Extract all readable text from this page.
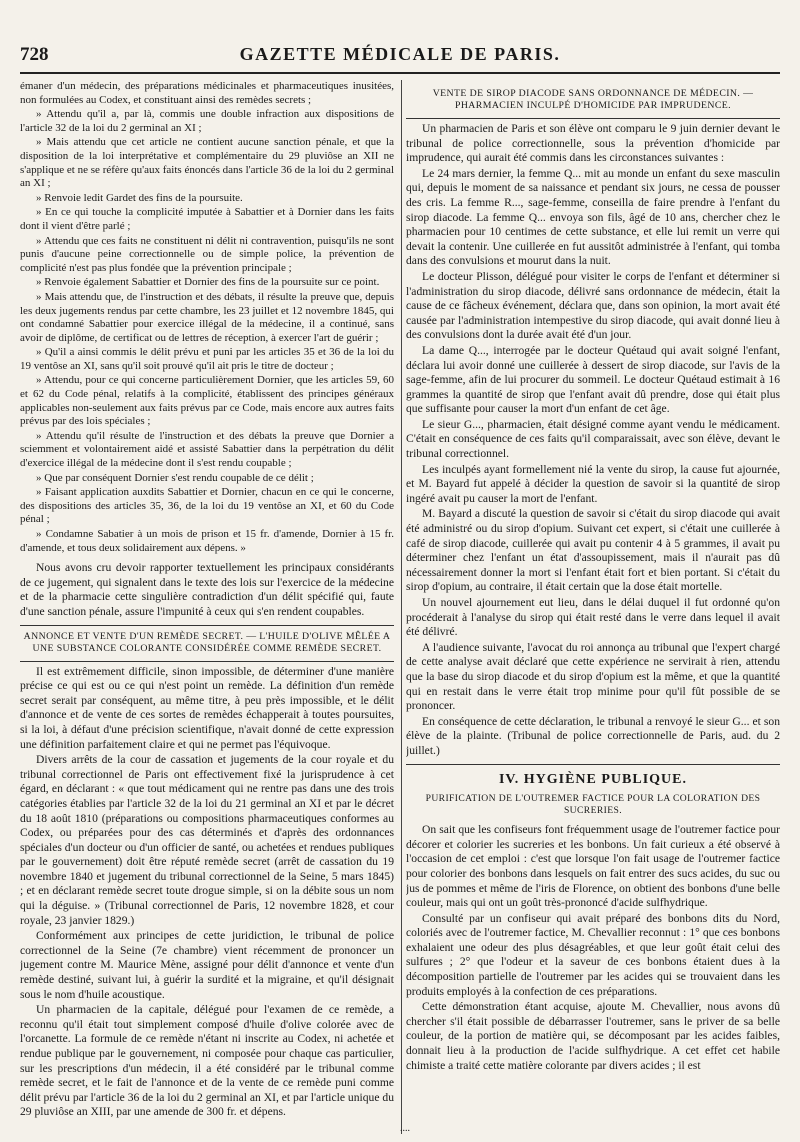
728	GAZETTE MÉDICALE DE PARIS.

émaner d'un médecin, des préparations médicinales et pharmaceutiques inusitées, non formulées au Codex, et constituant ainsi des remèdes secrets ;

» Attendu qu'il a, par là, commis une double infraction aux dispositions de l'article 32 de la loi du 2 germinal an XI ;

» Mais attendu que cet article ne contient aucune sanction pénale, et que la disposition de la loi interprétative et complémentaire du 29 pluviôse an XII ne s'applique et ne se réfère qu'aux faits énoncés dans l'article 36 de la loi du 2 germinal an XI ;

» Renvoie ledit Gardet des fins de la poursuite.

» En ce qui touche la complicité imputée à Sabattier et à Dornier dans les faits dont il vient d'être parlé ;

» Attendu que ces faits ne constituent ni délit ni contravention, puisqu'ils ne sont punis d'aucune peine correctionnelle ou de simple police, la prévention de complicité n'est pas plus fondée que la prévention principale ;

» Renvoie également Sabattier et Dornier des fins de la poursuite sur ce point.

» Mais attendu que, de l'instruction et des débats, il résulte la preuve que, depuis les deux jugements rendus par cette chambre, les 23 juillet et 12 novembre 1845, qui ont condamné Sabattier pour exercice illégal de la médecine, il a continué, sans avoir de diplôme, de certificat ou de lettres de réception, à exercer l'art de guérir ;

» Qu'il a ainsi commis le délit prévu et puni par les articles 35 et 36 de la loi du 19 ventôse an XI, sans qu'il soit prouvé qu'il ait pris le titre de docteur ;

» Attendu, pour ce qui concerne particulièrement Dornier, que les articles 59, 60 et 62 du Code pénal, relatifs à la complicité, établissent des principes généraux applicables non-seulement aux faits prévus par ce Code, mais encore aux autres faits prévus par des lois spéciales ;

» Attendu qu'il résulte de l'instruction et des débats la preuve que Dornier a sciemment et volontairement aidé et assisté Sabattier dans la perpétration du délit d'exercice illégal de la médecine dont il s'est rendu coupable ;

» Que par conséquent Dornier s'est rendu coupable de ce délit ;

» Faisant application auxdits Sabattier et Dornier, chacun en ce qui le concerne, des dispositions des articles 35, 36, de la loi du 19 ventôse an XI, et 60 du Code pénal ;

» Condamne Sabatier à un mois de prison et 15 fr. d'amende, Dornier à 15 fr. d'amende, et tous deux solidairement aux dépens. »

Nous avons cru devoir rapporter textuellement les principaux considérants de ce jugement, qui signalent dans le texte des lois sur l'exercice de la médecine et de la pharmacie cette singulière contradiction d'un délit spécifié qui, faute d'une sanction pénale, assure l'impunité à ceux qui s'en rendent coupables.

ANNONCE ET VENTE D'UN REMÈDE SECRET. — L'HUILE D'OLIVE MÊLÉE A UNE SUBSTANCE COLORANTE CONSIDÉRÉE COMME REMÈDE SECRET.

Il est extrêmement difficile, sinon impossible, de déterminer d'une manière précise ce qui est ou ce qui n'est point un remède. La définition d'un remède secret serait par conséquent, au même titre, à peu près impossible, et le délit d'annonce et de vente de ces sortes de remèdes échapperait à toutes poursuites, si la loi, à défaut d'une précision scientifique, n'avait donné de cette expression une définition parfaitement claire et qui ne permet pas l'équivoque.

Divers arrêts de la cour de cassation et jugements de la cour royale et du tribunal correctionnel de Paris ont effectivement fixé la jurisprudence à cet égard, en déclarant : « que tout médicament qui ne rentre pas dans une des trois catégories établies par l'article 32 de la loi du 21 germinal an XI et par le décret du 18 août 1810 (préparations ou compositions pharmaceutiques conformes au Codex, ou préparées pour des cas déterminés et d'après des ordonnances spéciales d'un docteur ou d'un officier de santé, ou achetées et rendues publiques par le gouvernement) doit être réputé remède secret (arrêt de cassation du 19 novembre 1840 et jugement du tribunal correctionnel de la Seine, 5 mars 1845) ; et en déclarant remède secret toute drogue simple, si on la débite sous un nom qui la déguise. » (Tribunal correctionnel de Paris, 12 novembre 1828, et cour royale, 23 janvier 1829.)

Conformément aux principes de cette juridiction, le tribunal de police correctionnel de la Seine (7e chambre) vient récemment de prononcer un jugement contre M. Maurice Mène, assigné pour délit d'annonce et vente d'un remède destiné, suivant lui, à guérir la surdité et la migraine, et qu'il désignait sous le nom d'huile acoustique.

Un pharmacien de la capitale, délégué pour l'examen de ce remède, a reconnu qu'il était tout simplement composé d'huile d'olive colorée avec de l'orcanette. La formule de ce remède n'étant ni inscrite au Codex, ni achetée et rendue publique par le gouvernement, ni composée pour chaque cas particulier, sur les prescriptions d'un médecin, il a été considéré par le tribunal comme remède secret, et le fait de l'annonce et de la vente de ce remède puni comme délit prévu par l'article 36 de la loi du 2 germinal an XI, et par l'article unique du 29 pluviôse an XIII, par une amende de 300 fr. et dépens.

VENTE DE SIROP DIACODE SANS ORDONNANCE DE MÉDECIN. — PHARMACIEN INCULPÉ D'HOMICIDE PAR IMPRUDENCE.

Un pharmacien de Paris et son élève ont comparu le 9 juin dernier devant le tribunal de police correctionnelle, sous la prévention d'homicide par imprudence, qui aurait été commis dans les circonstances suivantes :

Le 24 mars dernier, la femme Q... mit au monde un enfant du sexe masculin qui, depuis le moment de sa naissance et pendant six jours, ne cessa de pousser des cris. La femme R..., sage-femme, conseilla de faire prendre à l'enfant du sirop diacode. La femme Q... envoya son fils, âgé de 10 ans, chercher chez le pharmacien pour 10 centimes de cette substance, et elle lui remit un verre qui devait la contenir. Une cuillerée en fut aussitôt administrée à l'enfant, qui tomba dans des convulsions et mourut dans la nuit.

Le docteur Plisson, délégué pour visiter le corps de l'enfant et déterminer si l'administration du sirop diacode, délivré sans ordonnance de médecin, était la cause de ce fâcheux événement, déclara que, dans son opinion, la mort avait été causée par l'administration intempestive du sirop diacode, qui avait donné lieu à des convulsions dont la durée avait été d'un jour.

La dame Q..., interrogée par le docteur Quétaud qui avait soigné l'enfant, déclara lui avoir donné une cuillerée à dessert de sirop diacode, sur l'avis de la sage-femme, afin de lui procurer du sommeil. Le docteur Quétaud estimait à 16 grammes la quantité de sirop que l'enfant avait dû prendre, dose qui était plus que suffisante pour causer la mort d'un enfant de cet âge.

Le sieur G..., pharmacien, était désigné comme ayant vendu le médicament. C'était en conséquence de ces faits qu'il comparaissait, avec son élève, devant le tribunal correctionnel.

Les inculpés ayant formellement nié la vente du sirop, la cause fut ajournée, et M. Bayard fut appelé à décider la question de savoir si la quantité de sirop ingéré avait pu causer la mort de l'enfant.

M. Bayard a discuté la question de savoir si c'était du sirop diacode qui avait été administré ou du sirop d'opium. Suivant cet expert, si c'était une cuillerée à café de sirop diacode, cuillerée qui avait pu contenir 4 à 5 grammes, il avait pu déterminer chez l'enfant un état d'assoupissement, mais il n'aurait pas dû nécessairement donner la mort si l'enfant était fort et bien portant. Si c'était du sirop d'opium, au contraire, il était certain que la dose était mortelle.

Un nouvel ajournement eut lieu, dans le délai duquel il fut ordonné qu'on procéderait à l'analyse du sirop qui était resté dans le verre dans lequel il avait été délivré.

A l'audience suivante, l'avocat du roi annonça au tribunal que l'expert chargé de cette analyse avait déclaré que cette expérience ne servirait à rien, attendu que la base du sirop diacode et du sirop d'opium est la même, et que la quantité qui en restait dans le verre était trop minime pour qu'il fût possible de se prononcer.

En conséquence de cette déclaration, le tribunal a renvoyé le sieur G... et son élève de la plainte. (Tribunal de police correctionnelle de Paris, aud. du 2 juillet.)

IV. HYGIÈNE PUBLIQUE.
PURIFICATION DE L'OUTREMER FACTICE POUR LA COLORATION DES SUCRERIES.

On sait que les confiseurs font fréquemment usage de l'outremer factice pour décorer et colorier les sucreries et les bonbons. Un fait curieux a été observé à l'occasion de cet emploi : c'est que lorsque l'on fait usage de l'outremer factice pour colorier des bonbons dans lesquels on fait entrer des sucs acides, du suc ou jus de pommes et même de l'iris de Florence, on obtient des bonbons d'une belle couleur, mais qui ont un goût très-prononcé d'acide sulfhydrique.

Consulté par un confiseur qui avait préparé des bonbons dits du Nord, coloriés avec de l'outremer factice, M. Chevallier reconnut : 1° que ces bonbons exhalaient une odeur des plus désagréables, et que leur goût était celui des sulfures ; 2° que l'odeur et la saveur de ces bonbons étaient dues à la décomposition partielle de l'outremer par les acides qui se trouvaient dans les produits employés à la confection de ces préparations.

Cette démonstration étant acquise, ajoute M. Chevallier, nous avons dû chercher s'il était possible de débarrasser l'outremer, sans le priver de sa belle couleur, de la portion de matière qui, se décomposant par les acides faibles, donnait lieu à la production de l'acide sulfhydrique. A cet effet cet habile chimiste a traité cette matière colorante par divers acides ; il est

....
